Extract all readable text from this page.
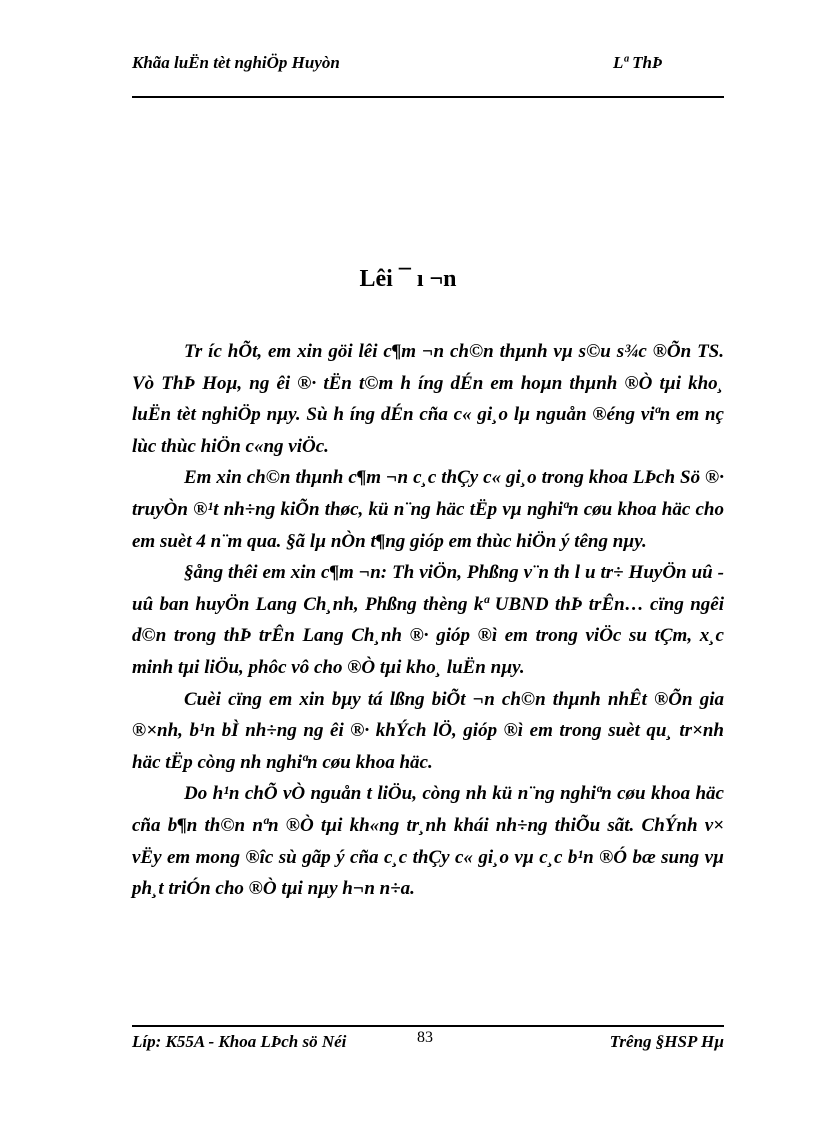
Khãa luËn tèt nghiÖp Huyòn	Lª ThÞ
Lêi ¯ ı ¬n

Tr íc hÕt, em xin göi lêi c¶m ¬n ch©n thµnh vµ s©u s¾c ®Õn TS. Vò ThÞ Hoµ, ng êi ®· tËn t©m h íng dÉn em hoµn thµnh ®Ò tµi kho¸ luËn tèt nghiÖp nµy. Sù h íng dÉn cña c« gi¸o lµ nguån ®éng viªn em nç lùc thùc hiÖn c«ng viÖc.

Em xin ch©n thµnh c¶m ¬n c¸c thÇy c« gi¸o trong khoa LÞch Sö ®· truyÒn ®¹t nh÷ng kiÕn thøc, kü n¨ng häc tËp vµ nghiªn cøu khoa häc cho em suèt 4 n¨m qua. §ã lµ nÒn t¶ng gióp em thùc hiÖn ý têng nµy.

§ång thêi em xin c¶m ¬n: Th viÖn, Phßng v¨n th l u tr÷ HuyÖn uû - uû ban huyÖn Lang Ch¸nh, Phßng thèng kª UBND thÞ trÊn… cïng ngêi d©n trong thÞ trÊn Lang Ch¸nh ®· gióp ®ì em trong viÖc su tÇm, x¸c minh tµi liÖu, phôc vô cho ®Ò tµi kho¸ luËn nµy.

Cuèi cïng em xin bµy tá lßng biÕt ¬n ch©n thµnh nhÊt ®Õn gia ®×nh, b¹n bÌ nh÷ng ng êi ®· khÝch lÖ, gióp ®ì em trong suèt qu¸ tr×nh häc tËp còng nh nghiªn cøu khoa häc.

Do h¹n chÕ vÒ nguån t liÖu, còng nh kü n¨ng nghiªn cøu khoa häc cña b¶n th©n nªn ®Ò tµi kh«ng tr¸nh khái nh÷ng thiÕu sãt. ChÝnh v× vËy em mong ®îc sù gãp ý cña c¸c thÇy c« gi¸o vµ c¸c b¹n ®Ó bæ sung vµ ph¸t triÓn cho ®Ò tµi nµy h¬n n÷a.

Líp: K55A - Khoa LÞch sö Néi	83	Trêng §HSP Hµ
